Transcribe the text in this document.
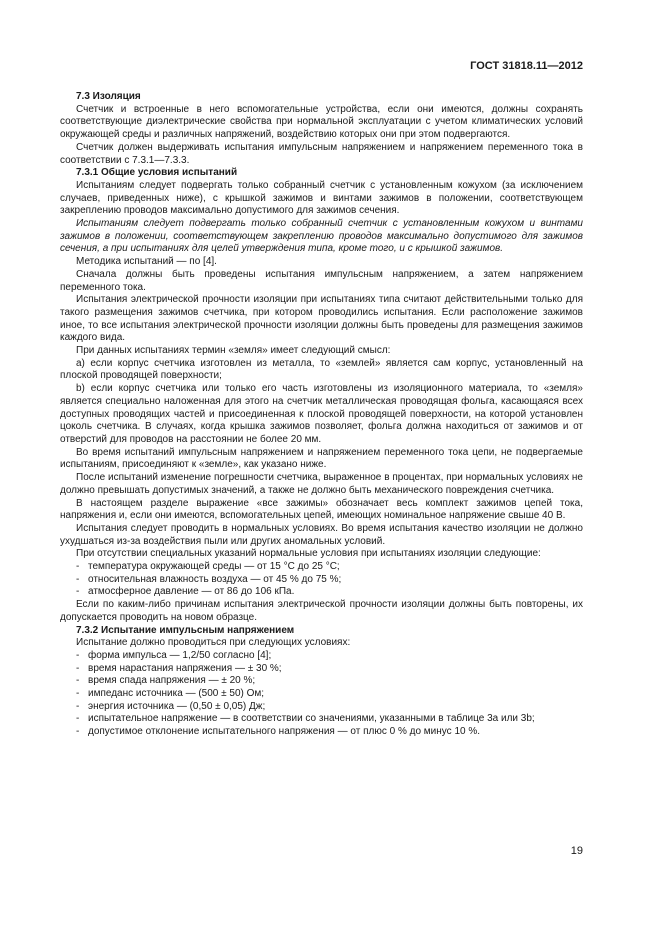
ГОСТ 31818.11—2012

7.3 Изоляция

Счетчик и встроенные в него вспомогательные устройства, если они имеются, должны сохранять соответствующие диэлектрические свойства при нормальной эксплуатации с учетом климатических условий окружающей среды и различных напряжений, воздействию которых они при этом подвергаются.

Счетчик должен выдерживать испытания импульсным напряжением и напряжением переменного тока в соответствии с 7.3.1—7.3.3.

7.3.1 Общие условия испытаний

Испытаниям следует подвергать только собранный счетчик с установленным кожухом (за исключением случаев, приведенных ниже), с крышкой зажимов и винтами зажимов в положении, соответствующем закреплению проводов максимально допустимого для зажимов сечения.

Испытаниям следует подвергать только собранный счетчик с установленным кожухом и винтами зажимов в положении, соответствующем закреплению проводов максимально допустимого для зажимов сечения, а при испытаниях для целей утверждения типа, кроме того, и с крышкой зажимов.

Методика испытаний — по [4].

Сначала должны быть проведены испытания импульсным напряжением, а затем напряжением переменного тока.

Испытания электрической прочности изоляции при испытаниях типа считают действительными только для такого размещения зажимов счетчика, при котором проводились испытания. Если расположение зажимов иное, то все испытания электрической прочности изоляции должны быть проведены для размещения зажимов каждого вида.

При данных испытаниях термин «земля» имеет следующий смысл:

а) если корпус счетчика изготовлен из металла, то «землей» является сам корпус, установленный на плоской проводящей поверхности;

b) если корпус счетчика или только его часть изготовлены из изоляционного материала, то «земля» является специально наложенная для этого на счетчик металлическая проводящая фольга, касающаяся всех доступных проводящих частей и присоединенная к плоской проводящей поверхности, на которой установлен цоколь счетчика. В случаях, когда крышка зажимов позволяет, фольга должна находиться от зажимов и от отверстий для проводов на расстоянии не более 20 мм.

Во время испытаний импульсным напряжением и напряжением переменного тока цепи, не подвергаемые испытаниям, присоединяют к «земле», как указано ниже.

После испытаний изменение погрешности счетчика, выраженное в процентах, при нормальных условиях не должно превышать допустимых значений, а также не должно быть механического повреждения счетчика.

В настоящем разделе выражение «все зажимы» обозначает весь комплект зажимов цепей тока, напряжения и, если они имеются, вспомогательных цепей, имеющих номинальное напряжение свыше 40 В.

Испытания следует проводить в нормальных условиях. Во время испытания качество изоляции не должно ухудшаться из-за воздействия пыли или других аномальных условий.

При отсутствии специальных указаний нормальные условия при испытаниях изоляции следующие:

- температура окружающей среды — от 15 °C до 25 °C;

- относительная влажность воздуха — от 45 % до 75 %;

- атмосферное давление — от 86 до 106 кПа.

Если по каким-либо причинам испытания электрической прочности изоляции должны быть повторены, их допускается проводить на новом образце.

7.3.2 Испытание импульсным напряжением

Испытание должно проводиться при следующих условиях:

- форма импульса — 1,2/50 согласно [4];

- время нарастания напряжения — ± 30 %;

- время спада напряжения — ± 20 %;

- импеданс источника — (500 ± 50) Ом;

- энергия источника — (0,50 ± 0,05) Дж;

- испытательное напряжение — в соответствии со значениями, указанными в таблице 3а или 3b;

- допустимое отклонение испытательного напряжения — от плюс 0 % до минус 10 %.

19
